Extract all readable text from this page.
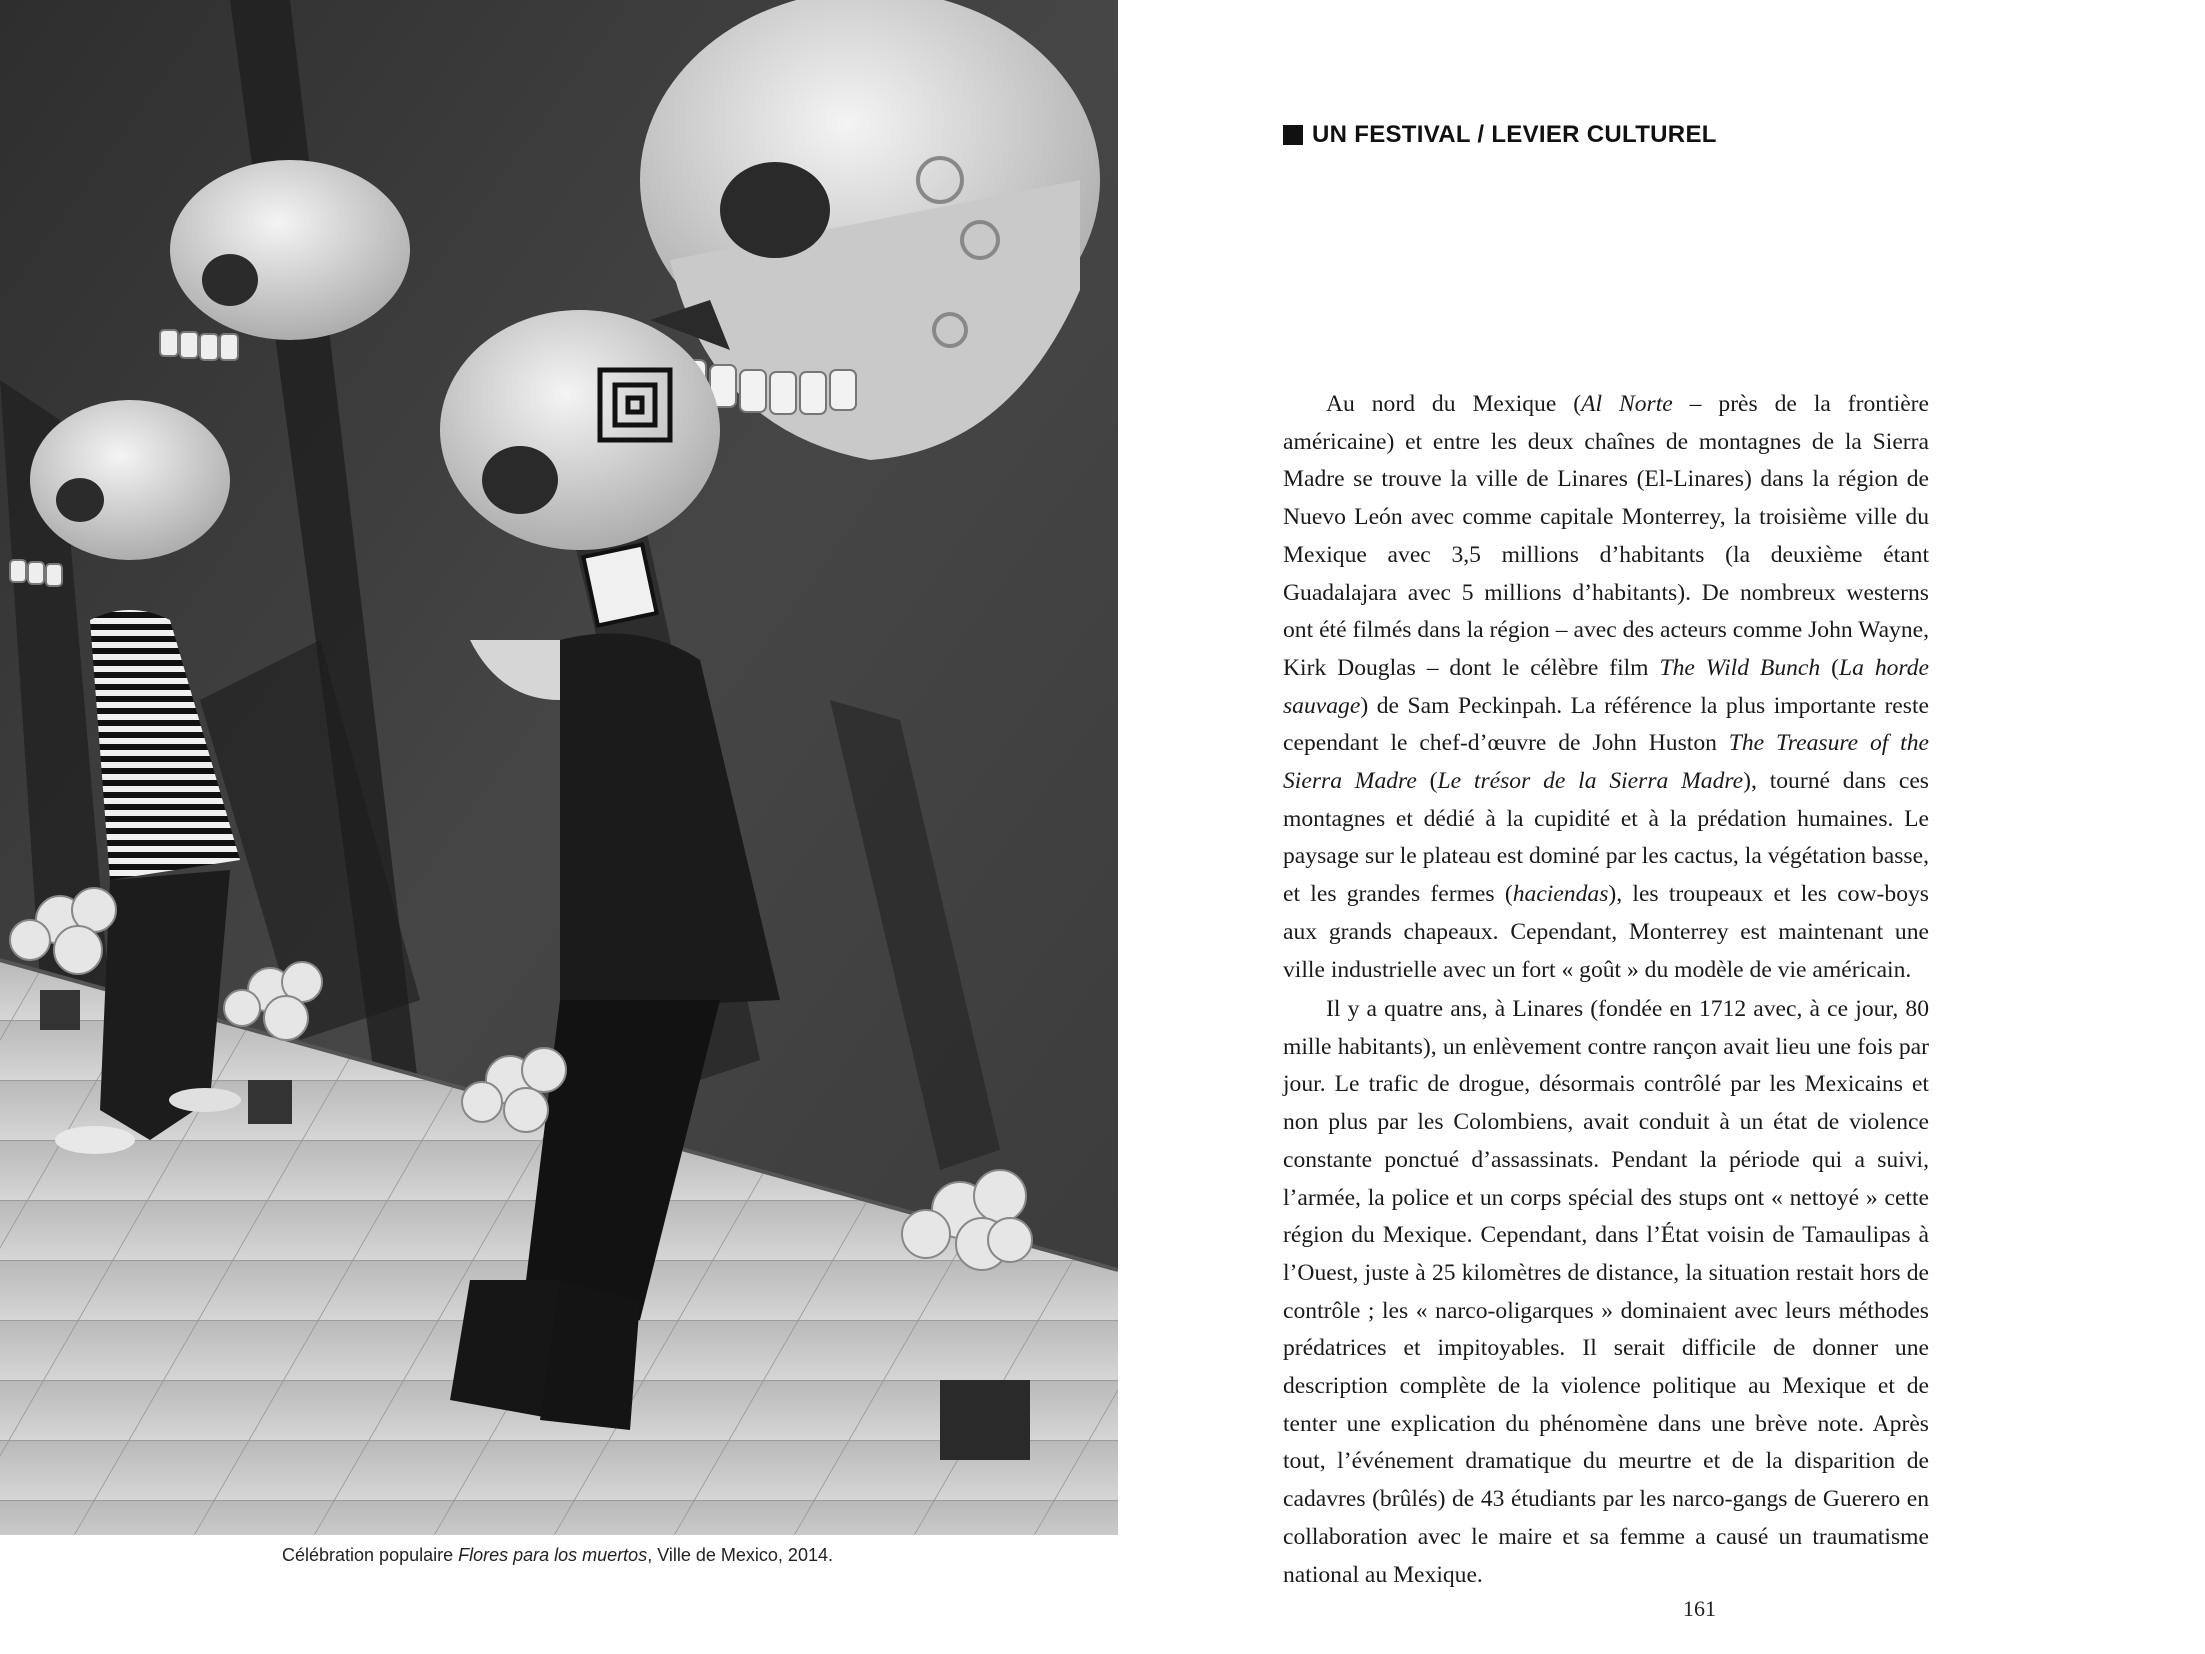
Célébration populaire Flores para los muertos, Ville de Mexico, 2014.
UN FESTIVAL / LEVIER CULTUREL

Au nord du Mexique (Al Norte – près de la frontière américaine) et entre les deux chaînes de montagnes de la Sierra Madre se trouve la ville de Linares (El-Linares) dans la région de Nuevo León avec comme capitale Monterrey, la troisième ville du Mexique avec 3,5 millions d’habitants (la deuxième étant Guadalajara avec 5 millions d’habitants). De nombreux westerns ont été filmés dans la région – avec des acteurs comme John Wayne, Kirk Douglas – dont le célèbre film The Wild Bunch (La horde sauvage) de Sam Peckinpah. La référence la plus importante reste cependant le chef-d’œuvre de John Huston The Treasure of the Sierra Madre (Le trésor de la Sierra Madre), tourné dans ces montagnes et dédié à la cupidité et à la prédation humaines. Le paysage sur le plateau est dominé par les cactus, la végétation basse, et les grandes fermes (haciendas), les troupeaux et les cow-boys aux grands chapeaux. Cependant, Monterrey est maintenant une ville industrielle avec un fort « goût » du modèle de vie américain.

Il y a quatre ans, à Linares (fondée en 1712 avec, à ce jour, 80 mille habitants), un enlèvement contre rançon avait lieu une fois par jour. Le trafic de drogue, désormais contrôlé par les Mexicains et non plus par les Colombiens, avait conduit à un état de violence constante ponctué d’assassinats. Pendant la période qui a suivi, l’armée, la police et un corps spécial des stups ont « nettoyé » cette région du Mexique. Cependant, dans l’État voisin de Tamaulipas à l’Ouest, juste à 25 kilomètres de distance, la situation restait hors de contrôle ; les « narco-oligarques » dominaient avec leurs méthodes prédatrices et impitoyables. Il serait difficile de donner une description complète de la violence politique au Mexique et de tenter une explication du phénomène dans une brève note. Après tout, l’événement dramatique du meurtre et de la disparition de cadavres (brûlés) de 43 étudiants par les narco-gangs de Guerero en collaboration avec le maire et sa femme a causé un traumatisme national au Mexique.

161
